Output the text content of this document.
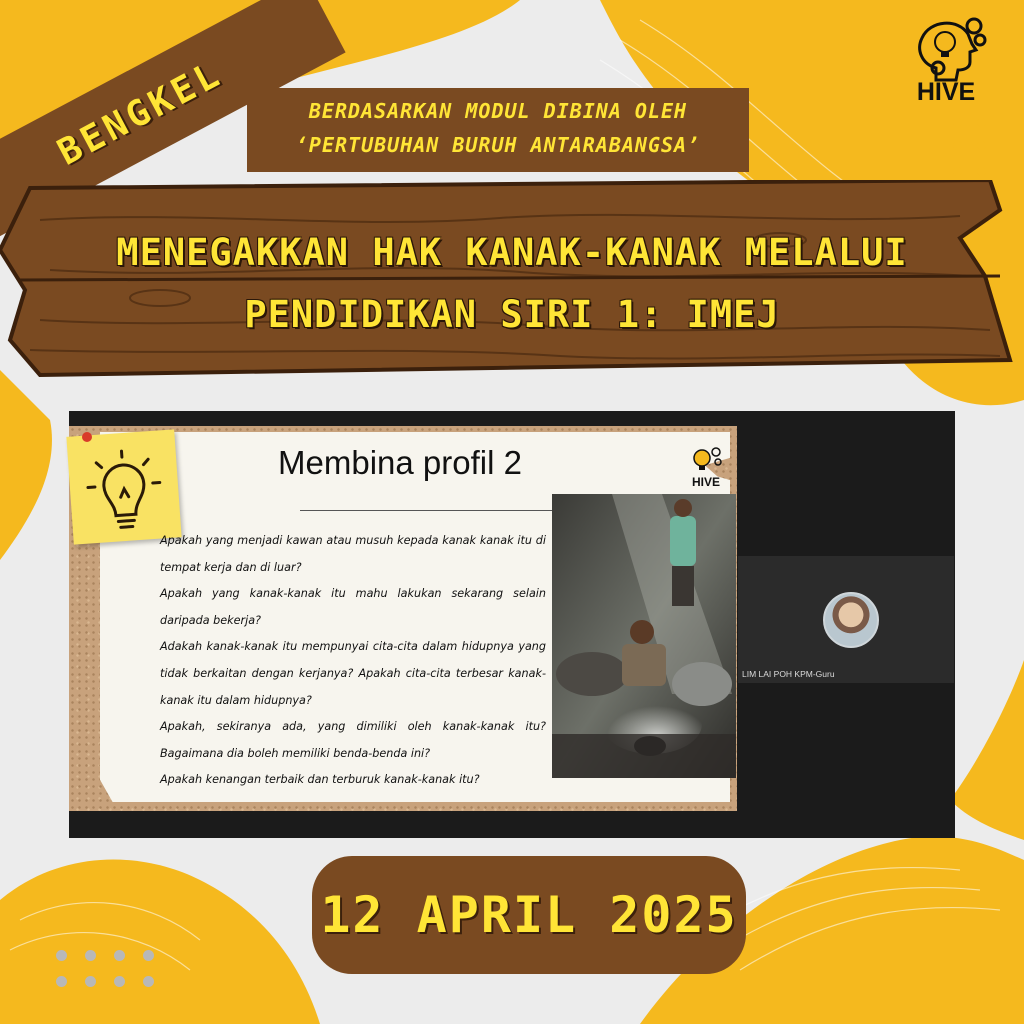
BENGKEL	BERDASARKAN MODUL DIBINA OLEH
‘PERTUBUHAN BURUH ANTARABANGSA’
MENEGAKKAN HAK KANAK-KANAK MELALUI
PENDIDIKAN SIRI 1: IMEJ
HIVE
Membina profil 2
HIVE

Apakah yang menjadi kawan atau musuh kepada kanak kanak itu di tempat kerja dan di luar?

Apakah yang kanak-kanak itu mahu lakukan sekarang selain daripada bekerja?

Adakah kanak-kanak itu mempunyai cita-cita dalam hidupnya yang tidak berkaitan dengan kerjanya? Apakah cita-cita terbesar kanak-kanak itu dalam hidupnya?

Apakah, sekiranya ada, yang dimiliki oleh kanak-kanak itu? Bagaimana dia boleh memiliki benda-benda ini?

Apakah kenangan terbaik dan terburuk kanak-kanak itu?

LIM LAI POH KPM-Guru
12 APRIL 2025
